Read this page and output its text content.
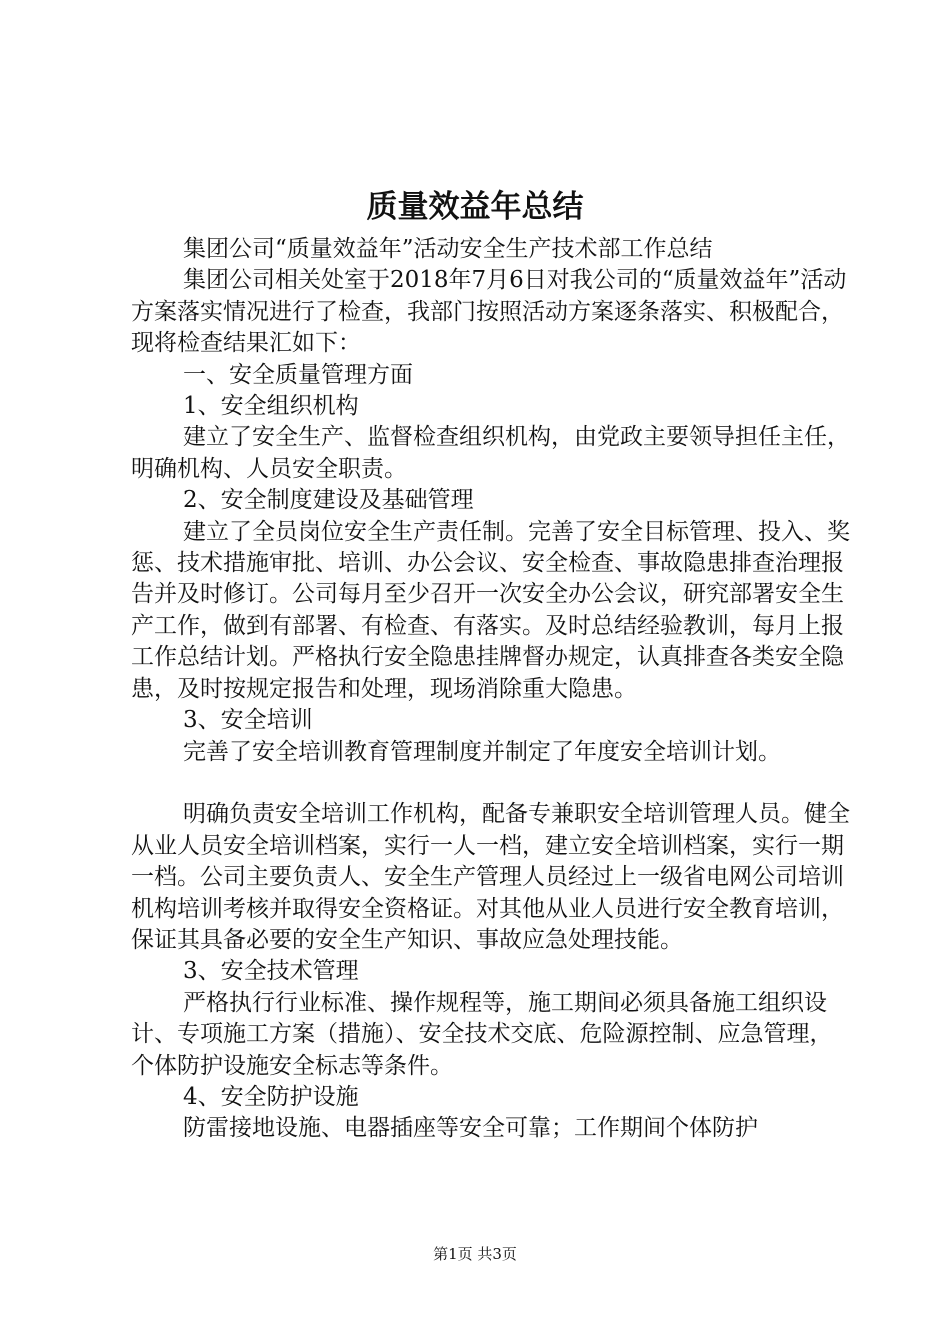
质量效益年总结

集团公司“质量效益年”活动安全生产技术部工作总结

集团公司相关处室于2018年7月6日对我公司的“质量效益年”活动方案落实情况进行了检查，我部门按照活动方案逐条落实、积极配合，现将检查结果汇如下：

一、安全质量管理方面

1、安全组织机构

建立了安全生产、监督检查组织机构，由党政主要领导担任主任，明确机构、人员安全职责。

2、安全制度建设及基础管理

建立了全员岗位安全生产责任制。完善了安全目标管理、投入、奖惩、技术措施审批、培训、办公会议、安全检查、事故隐患排查治理报告并及时修订。公司每月至少召开一次安全办公会议，研究部署安全生产工作，做到有部署、有检查、有落实。及时总结经验教训，每月上报工作总结计划。严格执行安全隐患挂牌督办规定，认真排查各类安全隐患，及时按规定报告和处理，现场消除重大隐患。

3、安全培训

完善了安全培训教育管理制度并制定了年度安全培训计划。

明确负责安全培训工作机构，配备专兼职安全培训管理人员。健全从业人员安全培训档案，实行一人一档，建立安全培训档案，实行一期一档。公司主要负责人、安全生产管理人员经过上一级省电网公司培训机构培训考核并取得安全资格证。对其他从业人员进行安全教育培训，保证其具备必要的安全生产知识、事故应急处理技能。

3、安全技术管理

严格执行行业标准、操作规程等，施工期间必须具备施工组织设计、专项施工方案（措施）、安全技术交底、危险源控制、应急管理，个体防护设施安全标志等条件。

4、安全防护设施

防雷接地设施、电器插座等安全可靠；工作期间个体防护

第1页 共3页
